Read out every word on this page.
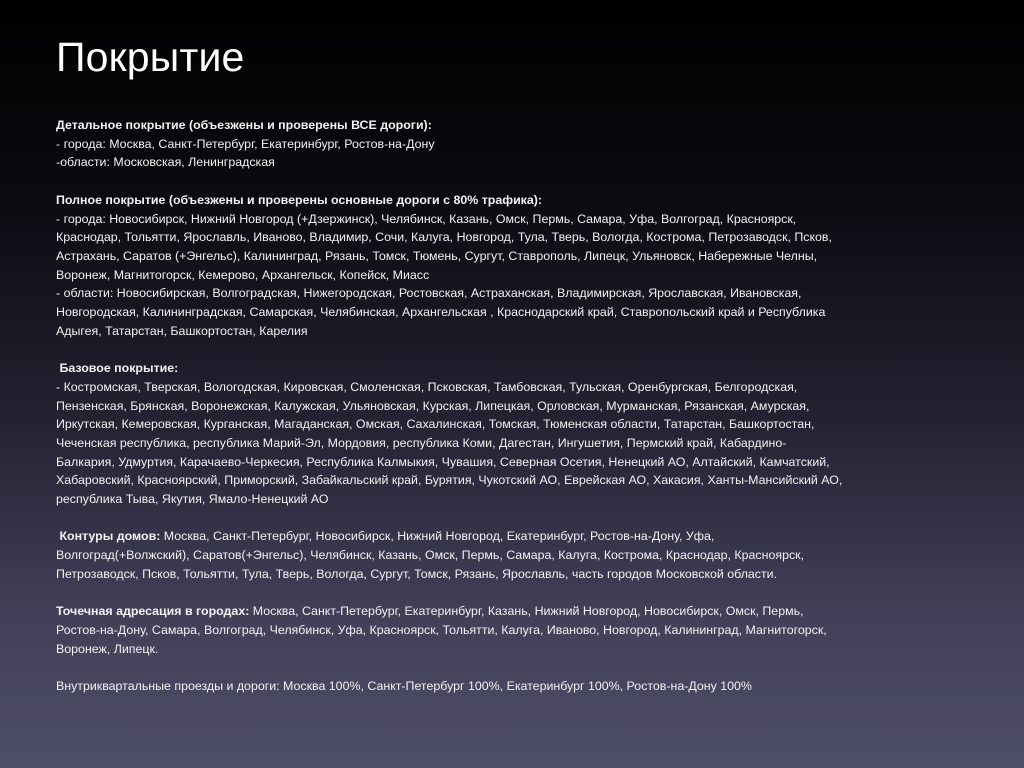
Покрытие
Детальное покрытие (объезжены и проверены ВСЕ дороги):
- города: Москва, Санкт-Петербург, Екатеринбург, Ростов-на-Дону
-области: Московская, Ленинградская
Полное покрытие (объезжены и проверены основные дороги с 80% трафика):
- города: Новосибирск, Нижний Новгород (+Дзержинск), Челябинск, Казань, Омск, Пермь, Самара, Уфа, Волгоград, Красноярск,
Краснодар, Тольятти, Ярославль, Иваново, Владимир, Сочи, Калуга, Новгород, Тула, Тверь, Вологда, Кострома, Петрозаводск, Псков,
Астрахань, Саратов (+Энгельс), Калининград, Рязань, Томск, Тюмень, Сургут, Ставрополь, Липецк, Ульяновск, Набережные Челны,
Воронеж, Магнитогорск, Кемерово, Архангельск, Копейск, Миасс
- области: Новосибирская, Волгоградская, Нижегородская, Ростовская, Астраханская, Владимирская, Ярославская, Ивановская,
Новгородская, Калининградская, Самарская, Челябинская, Архангельская , Краснодарский край, Ставропольский край и Республика
Адыгея, Татарстан, Башкортостан, Карелия
Базовое покрытие:
- Костромская, Тверская, Вологодская, Кировская, Смоленская, Псковская, Тамбовская, Тульская, Оренбургская, Белгородская,
Пензенская, Брянская, Воронежская, Калужская, Ульяновская, Курская, Липецкая, Орловская, Мурманская, Рязанская, Амурская,
Иркутская, Кемеровская, Курганская, Магаданская, Омская, Сахалинская, Томская, Тюменская области, Татарстан, Башкортостан,
Чеченская республика, республика Марий-Эл, Мордовия, республика Коми, Дагестан, Ингушетия, Пермский край, Кабардино-
Балкария, Удмуртия, Карачаево-Черкесия, Республика Калмыкия, Чувашия, Северная Осетия, Ненецкий АО, Алтайский, Камчатский,
Хабаровский, Красноярский, Приморский, Забайкальский край, Бурятия, Чукотский АО, Еврейская АО, Хакасия, Ханты-Мансийский АО,
республика Тыва, Якутия, Ямало-Ненецкий АО
Контуры домов: Москва, Санкт-Петербург, Новосибирск, Нижний Новгород, Екатеринбург, Ростов-на-Дону, Уфа,
Волгоград(+Волжский), Саратов(+Энгельс), Челябинск, Казань, Омск, Пермь, Самара, Калуга, Кострома, Краснодар, Красноярск,
Петрозаводск, Псков, Тольятти, Тула, Тверь, Вологда, Сургут, Томск, Рязань, Ярославль, часть городов Московской области.
Точечная адресация в городах: Москва, Санкт-Петербург, Екатеринбург, Казань, Нижний Новгород, Новосибирск, Омск, Пермь,
Ростов-на-Дону, Самара, Волгоград, Челябинск, Уфа, Красноярск, Тольятти, Калуга, Иваново, Новгород, Калининград, Магнитогорск,
Воронеж, Липецк.
Внутриквартальные проезды и дороги: Москва 100%, Санкт-Петербург 100%, Екатеринбург 100%, Ростов-на-Дону 100%
